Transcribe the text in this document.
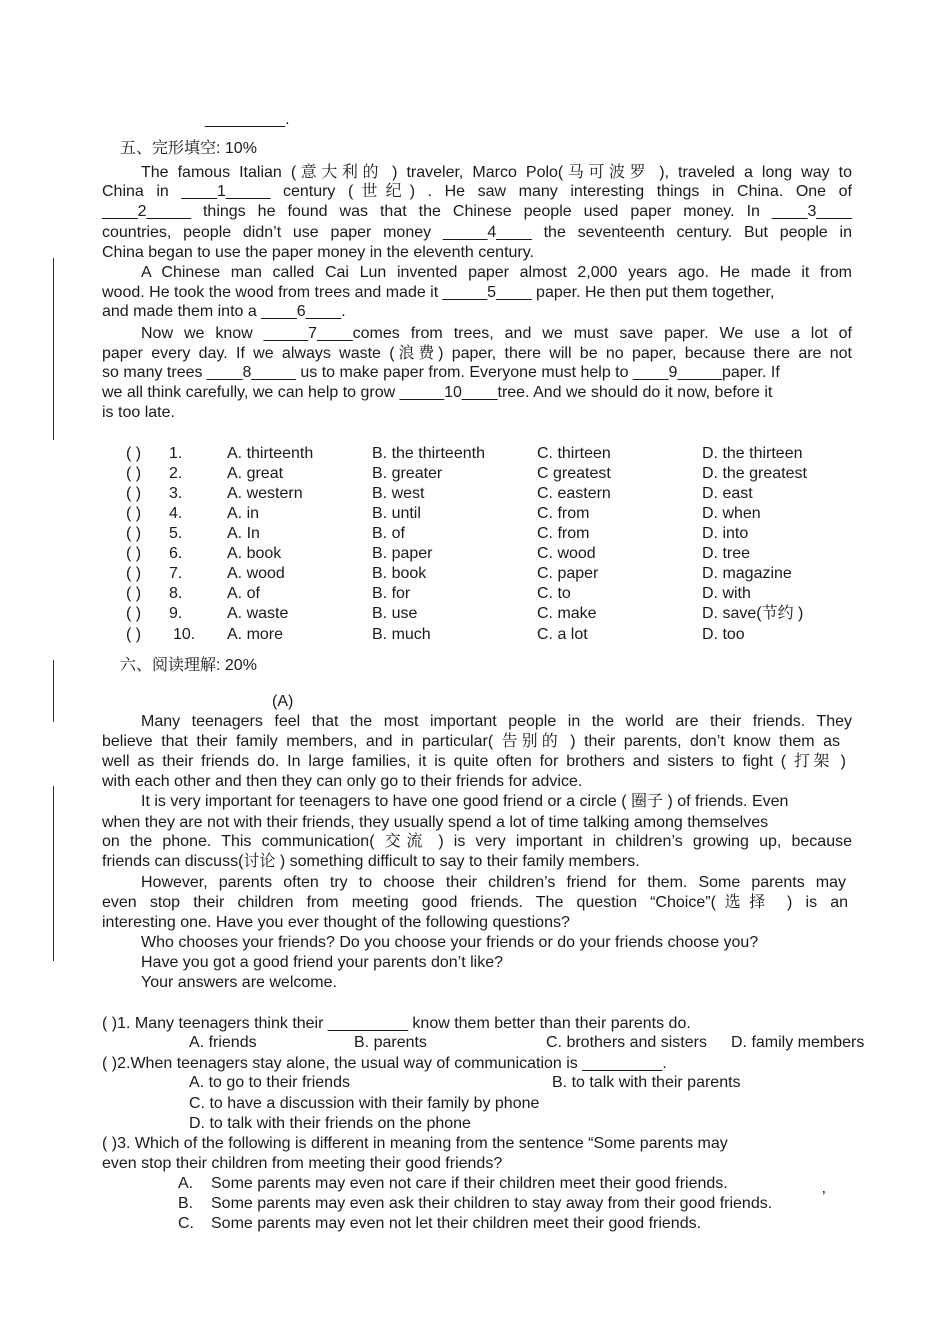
_________.
五、完形填空: 10%
The famous Italian (意大利的 ) traveler, Marco Polo(马可波罗 ), traveled a long way to
China in ____1_____ century (世纪) . He saw many interesting things in China. One of
____2_____ things he found was that the Chinese people used paper money. In ____3____
countries, people didn’t use paper money _____4____ the seventeenth century. But people in
China began to use the paper money in the eleventh century.
A Chinese man called Cai Lun invented paper almost 2,000 years ago. He made it from
wood. He took the wood from trees and made it _____5____ paper. He then put them together,
and made them into a ____6____.
Now we know _____7____comes from trees, and we must save paper. We use a lot of
paper every day. If we always waste (浪费) paper, there will be no paper, because there are not
so many trees ____8_____ us to make paper from. Everyone must help to ____9_____paper. If
we all think carefully, we can help to grow _____10____tree. And we should do it now, before it
is too late.
( ) 1.	A. thirteenth	B. the thirteenth	C. thirteen	D. the thirteen
( ) 2.	A. great	B. greater	C greatest	D. the greatest
( ) 3.	A. western	B. west	C. eastern	D. east
( ) 4.	A. in	B. until	C. from	D. when
( ) 5.	A. In	B. of	C. from	D. into
( ) 6.	A. book	B. paper	C. wood	D. tree
( ) 7.	A. wood	B. book	C. paper	D. magazine
( ) 8.	A. of	B. for	C. to	D. with
( ) 9.	A. waste	B. use	C. make	D. save(节约 )
( ) 10. A. more	B. much	C. a lot	D. too
六、阅读理解: 20%
(A)
Many teenagers feel that the most important people in the world are their friends. They
believe that their family members, and in particular( 告别的 ) their parents, don’t know them as
well as their friends do. In large families, it is quite often for brothers and sisters to fight ( 打架 )
with each other and then they can only go to their friends for advice.
It is very important for teenagers to have one good friend or a circle ( 圈子 ) of friends. Even
when they are not with their friends, they usually spend a lot of time talking among themselves
on the phone. This communication( 交流 ) is very important in children’s growing up, because
friends can discuss(讨论 ) something difficult to say to their family members.
However, parents often try to choose their children’s friend for them. Some parents may
even stop their children from meeting good friends. The question “Choice”(选择 ) is an
interesting one. Have you ever thought of the following questions?
Who chooses your friends? Do you choose your friends or do your friends choose you?
Have you got a good friend your parents don’t like?
Your answers are welcome.
( )1. Many teenagers think their _________ know them better than their parents do.
A. friends	B. parents	C. brothers and sisters D. family members
( )2.When teenagers stay alone, the usual way of communication is _________.
A. to go to their friends	B. to talk with their parents
C. to have a discussion with their family by phone
D. to talk with their friends on the phone
( )3. Which of the following is different in meaning from the sentence “Some parents may
even stop their children from meeting their good friends?
A. Some parents may even not care if their children meet their good friends.
B. Some parents may even ask their children to stay away from their good friends.	’
C. Some parents may even not let their children meet their good friends.
